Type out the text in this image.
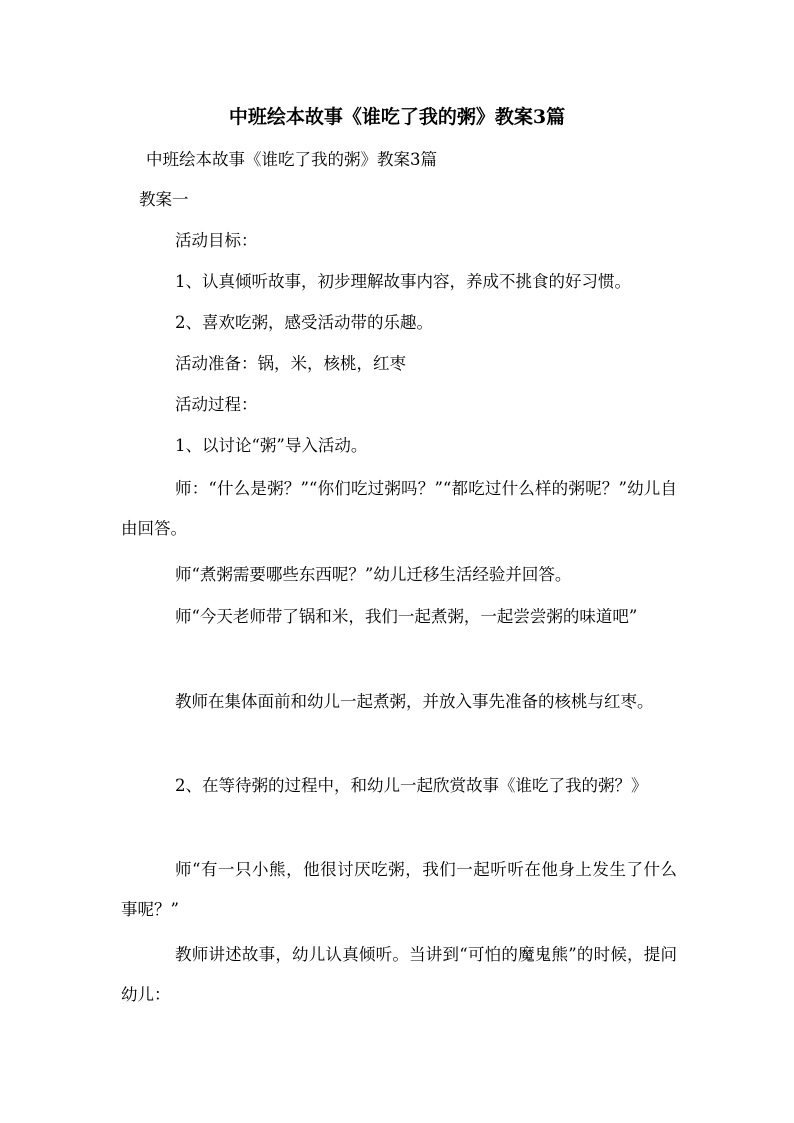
中班绘本故事《谁吃了我的粥》教案3篇
中班绘本故事《谁吃了我的粥》教案3篇
教案一
活动目标：
1、认真倾听故事，初步理解故事内容，养成不挑食的好习惯。
2、喜欢吃粥，感受活动带的乐趣。
活动准备：锅，米，核桃，红枣
活动过程：
1、以讨论“粥”导入活动。
师：“什么是粥？”“你们吃过粥吗？”“都吃过什么样的粥呢？”幼儿自由回答。
师“煮粥需要哪些东西呢？”幼儿迁移生活经验并回答。
师“今天老师带了锅和米，我们一起煮粥，一起尝尝粥的味道吧”
教师在集体面前和幼儿一起煮粥，并放入事先准备的核桃与红枣。
2、在等待粥的过程中，和幼儿一起欣赏故事《谁吃了我的粥？》
师“有一只小熊，他很讨厌吃粥，我们一起听听在他身上发生了什么事呢？”
教师讲述故事，幼儿认真倾听。当讲到“可怕的魔鬼熊”的时候，提问幼儿：
